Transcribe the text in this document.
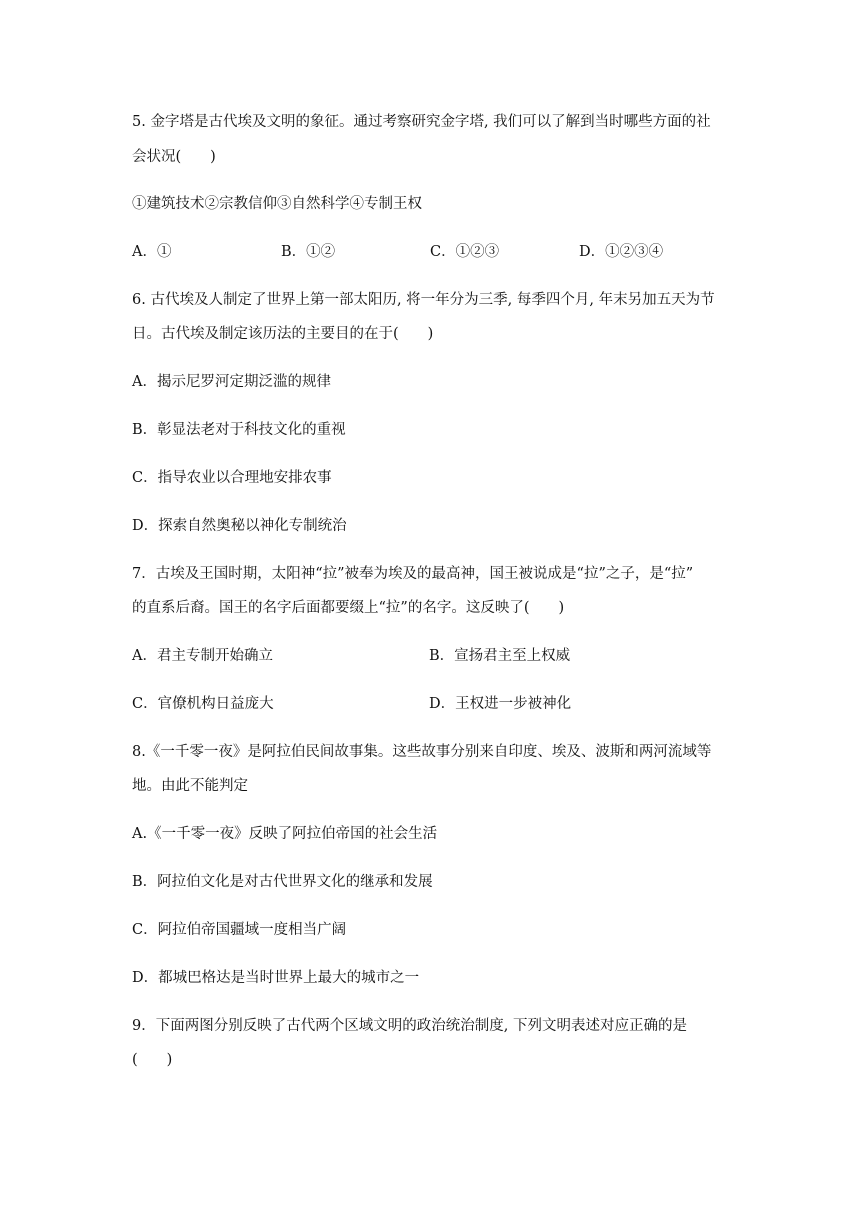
5. 金字塔是古代埃及文明的象征。通过考察研究金字塔, 我们可以了解到当时哪些方面的社
会状况(　　)
①建筑技术②宗教信仰③自然科学④专制王权
A．①	B．①②	C．①②③	D．①②③④
6. 古代埃及人制定了世界上第一部太阳历, 将一年分为三季, 每季四个月, 年末另加五天为节
日。古代埃及制定该历法的主要目的在于(　　)
A．揭示尼罗河定期泛滥的规律
B．彰显法老对于科技文化的重视
C．指导农业以合理地安排农事
D．探索自然奥秘以神化专制统治
7．古埃及王国时期，太阳神“拉”被奉为埃及的最高神，国王被说成是“拉”之子，是“拉”
的直系后裔。国王的名字后面都要缀上“拉”的名字。这反映了(　　)
A．君主专制开始确立	B．宣扬君主至上权威
C．官僚机构日益庞大	D．王权进一步被神化
8.《一千零一夜》是阿拉伯民间故事集。这些故事分别来自印度、埃及、波斯和两河流域等
地。由此不能判定
A.《一千零一夜》反映了阿拉伯帝国的社会生活
B．阿拉伯文化是对古代世界文化的继承和发展
C．阿拉伯帝国疆域一度相当广阔
D．都城巴格达是当时世界上最大的城市之一
9．下面两图分别反映了古代两个区域文明的政治统治制度, 下列文明表述对应正确的是
(　　)
